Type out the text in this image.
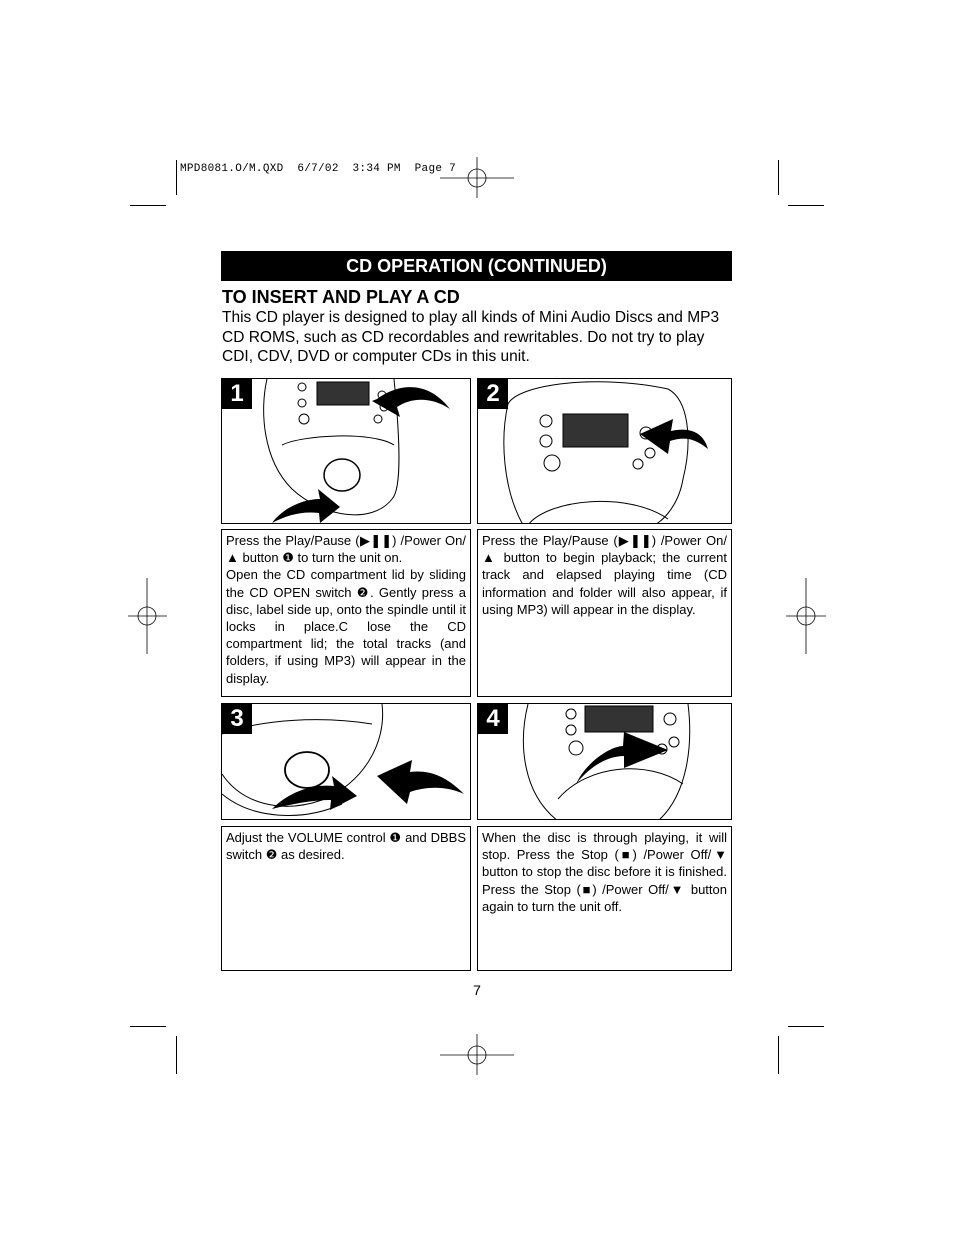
MPD8081.O/M.QXD  6/7/02  3:34 PM  Page 7
CD OPERATION (CONTINUED)
TO INSERT AND PLAY A CD
This CD player is designed to play all kinds of Mini Audio Discs and MP3 CD ROMS, such as CD recordables and rewritables. Do not try to play CDI, CDV, DVD or computer CDs in this unit.
1	2

Press the Play/Pause (▶❚❚) /Power On/▲ button ❶ to turn the unit on.

Open the CD compartment lid by sliding the CD OPEN switch ❷. Gently press a disc, label side up, onto the spindle until it locks in place.C lose the CD compartment lid; the total tracks (and folders, if using MP3) will appear in the display.

Press the Play/Pause (▶❚❚) /Power On/▲ button to begin playback; the current track and elapsed playing time (CD information and folder will also appear, if using MP3) will appear in the display.

3	4

Adjust the VOLUME control ❶ and DBBS switch ❷ as desired.

When the disc is through playing, it will stop. Press the Stop (■) /Power Off/▼ button to stop the disc before it is finished. Press the Stop (■) /Power Off/▼ button again to turn the unit off.

7
